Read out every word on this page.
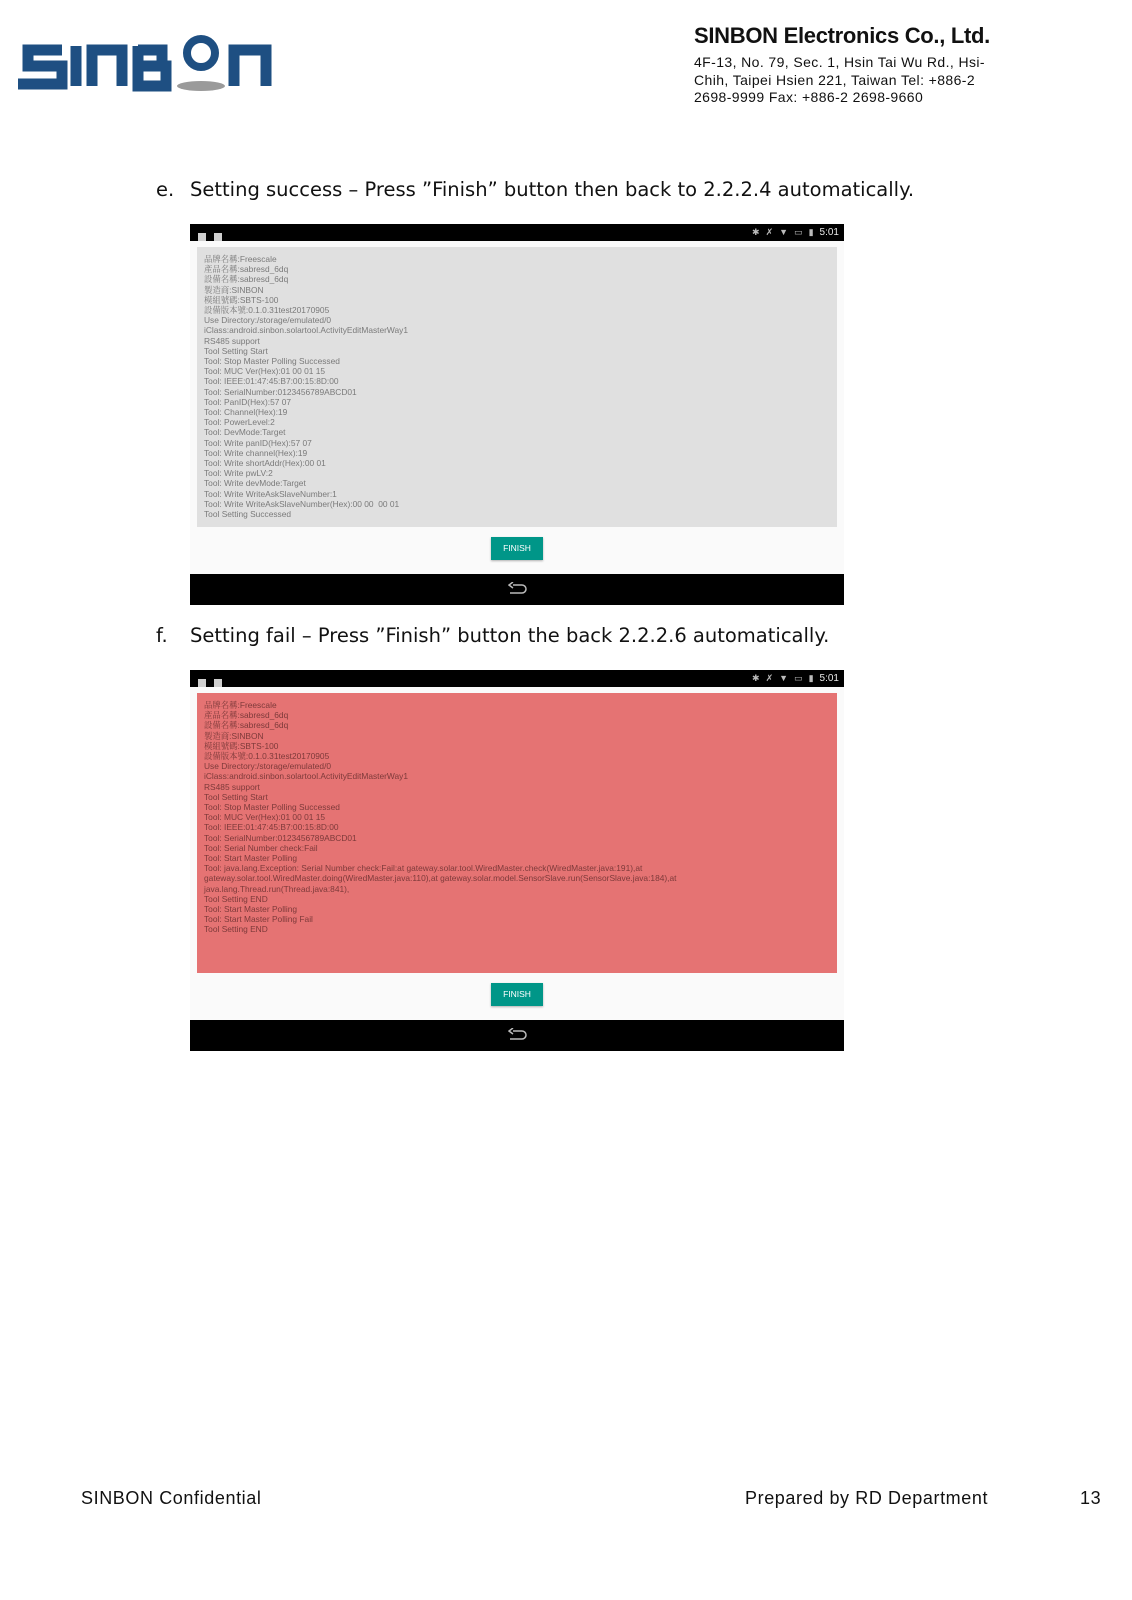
SINBON Electronics Co., Ltd.
4F-13, No. 79, Sec. 1, Hsin Tai Wu Rd., Hsi-Chih, Taipei Hsien 221, Taiwan Tel: +886-2 2698-9999 Fax: +886-2 2698-9660
e. Setting success – Press ”Finish” button then back to 2.2.2.4 automatically.
✱ ✗ ▼ ▭ ▮ 5:01
品牌名稱:Freescale
產品名稱:sabresd_6dq
設備名稱:sabresd_6dq
製造商:SINBON
模組號碼:SBTS-100
設備版本號:0.1.0.31test20170905
Use Directory:/storage/emulated/0
iClass:android.sinbon.solartool.ActivityEditMasterWay1
RS485 support
Tool Setting Start
Tool: Stop Master Polling Successed
Tool: MUC Ver(Hex):01 00 01 15
Tool: IEEE:01:47:45:B7:00:15:8D:00
Tool: SerialNumber:0123456789ABCD01
Tool: PanID(Hex):57 07
Tool: Channel(Hex):19
Tool: PowerLevel:2
Tool: DevMode:Target
Tool: Write panID(Hex):57 07
Tool: Write channel(Hex):19
Tool: Write shortAddr(Hex):00 01
Tool: Write pwLV:2
Tool: Write devMode:Target
Tool: Write WriteAskSlaveNumber:1
Tool: Write WriteAskSlaveNumber(Hex):00 00  00 01
Tool Setting Successed
FINISH
f. Setting fail – Press ”Finish” button the back 2.2.2.6 automatically.
✱ ✗ ▼ ▭ ▮ 5:01
品牌名稱:Freescale
產品名稱:sabresd_6dq
設備名稱:sabresd_6dq
製造商:SINBON
模組號碼:SBTS-100
設備版本號:0.1.0.31test20170905
Use Directory:/storage/emulated/0
iClass:android.sinbon.solartool.ActivityEditMasterWay1
RS485 support
Tool Setting Start
Tool: Stop Master Polling Successed
Tool: MUC Ver(Hex):01 00 01 15
Tool: IEEE:01:47:45:B7:00:15:8D:00
Tool: SerialNumber:0123456789ABCD01
Tool: Serial Number check:Fail
Tool: Start Master Polling
Tool: java.lang.Exception: Serial Number check:Fail:at gateway.solar.tool.WiredMaster.check(WiredMaster.java:191),at
gateway.solar.tool.WiredMaster.doing(WiredMaster.java:110),at gateway.solar.model.SensorSlave.run(SensorSlave.java:184),at
java.lang.Thread.run(Thread.java:841),
Tool Setting END
Tool: Start Master Polling
Tool: Start Master Polling Fail
Tool Setting END
FINISH
SINBON Confidential	Prepared by RD Department	13
